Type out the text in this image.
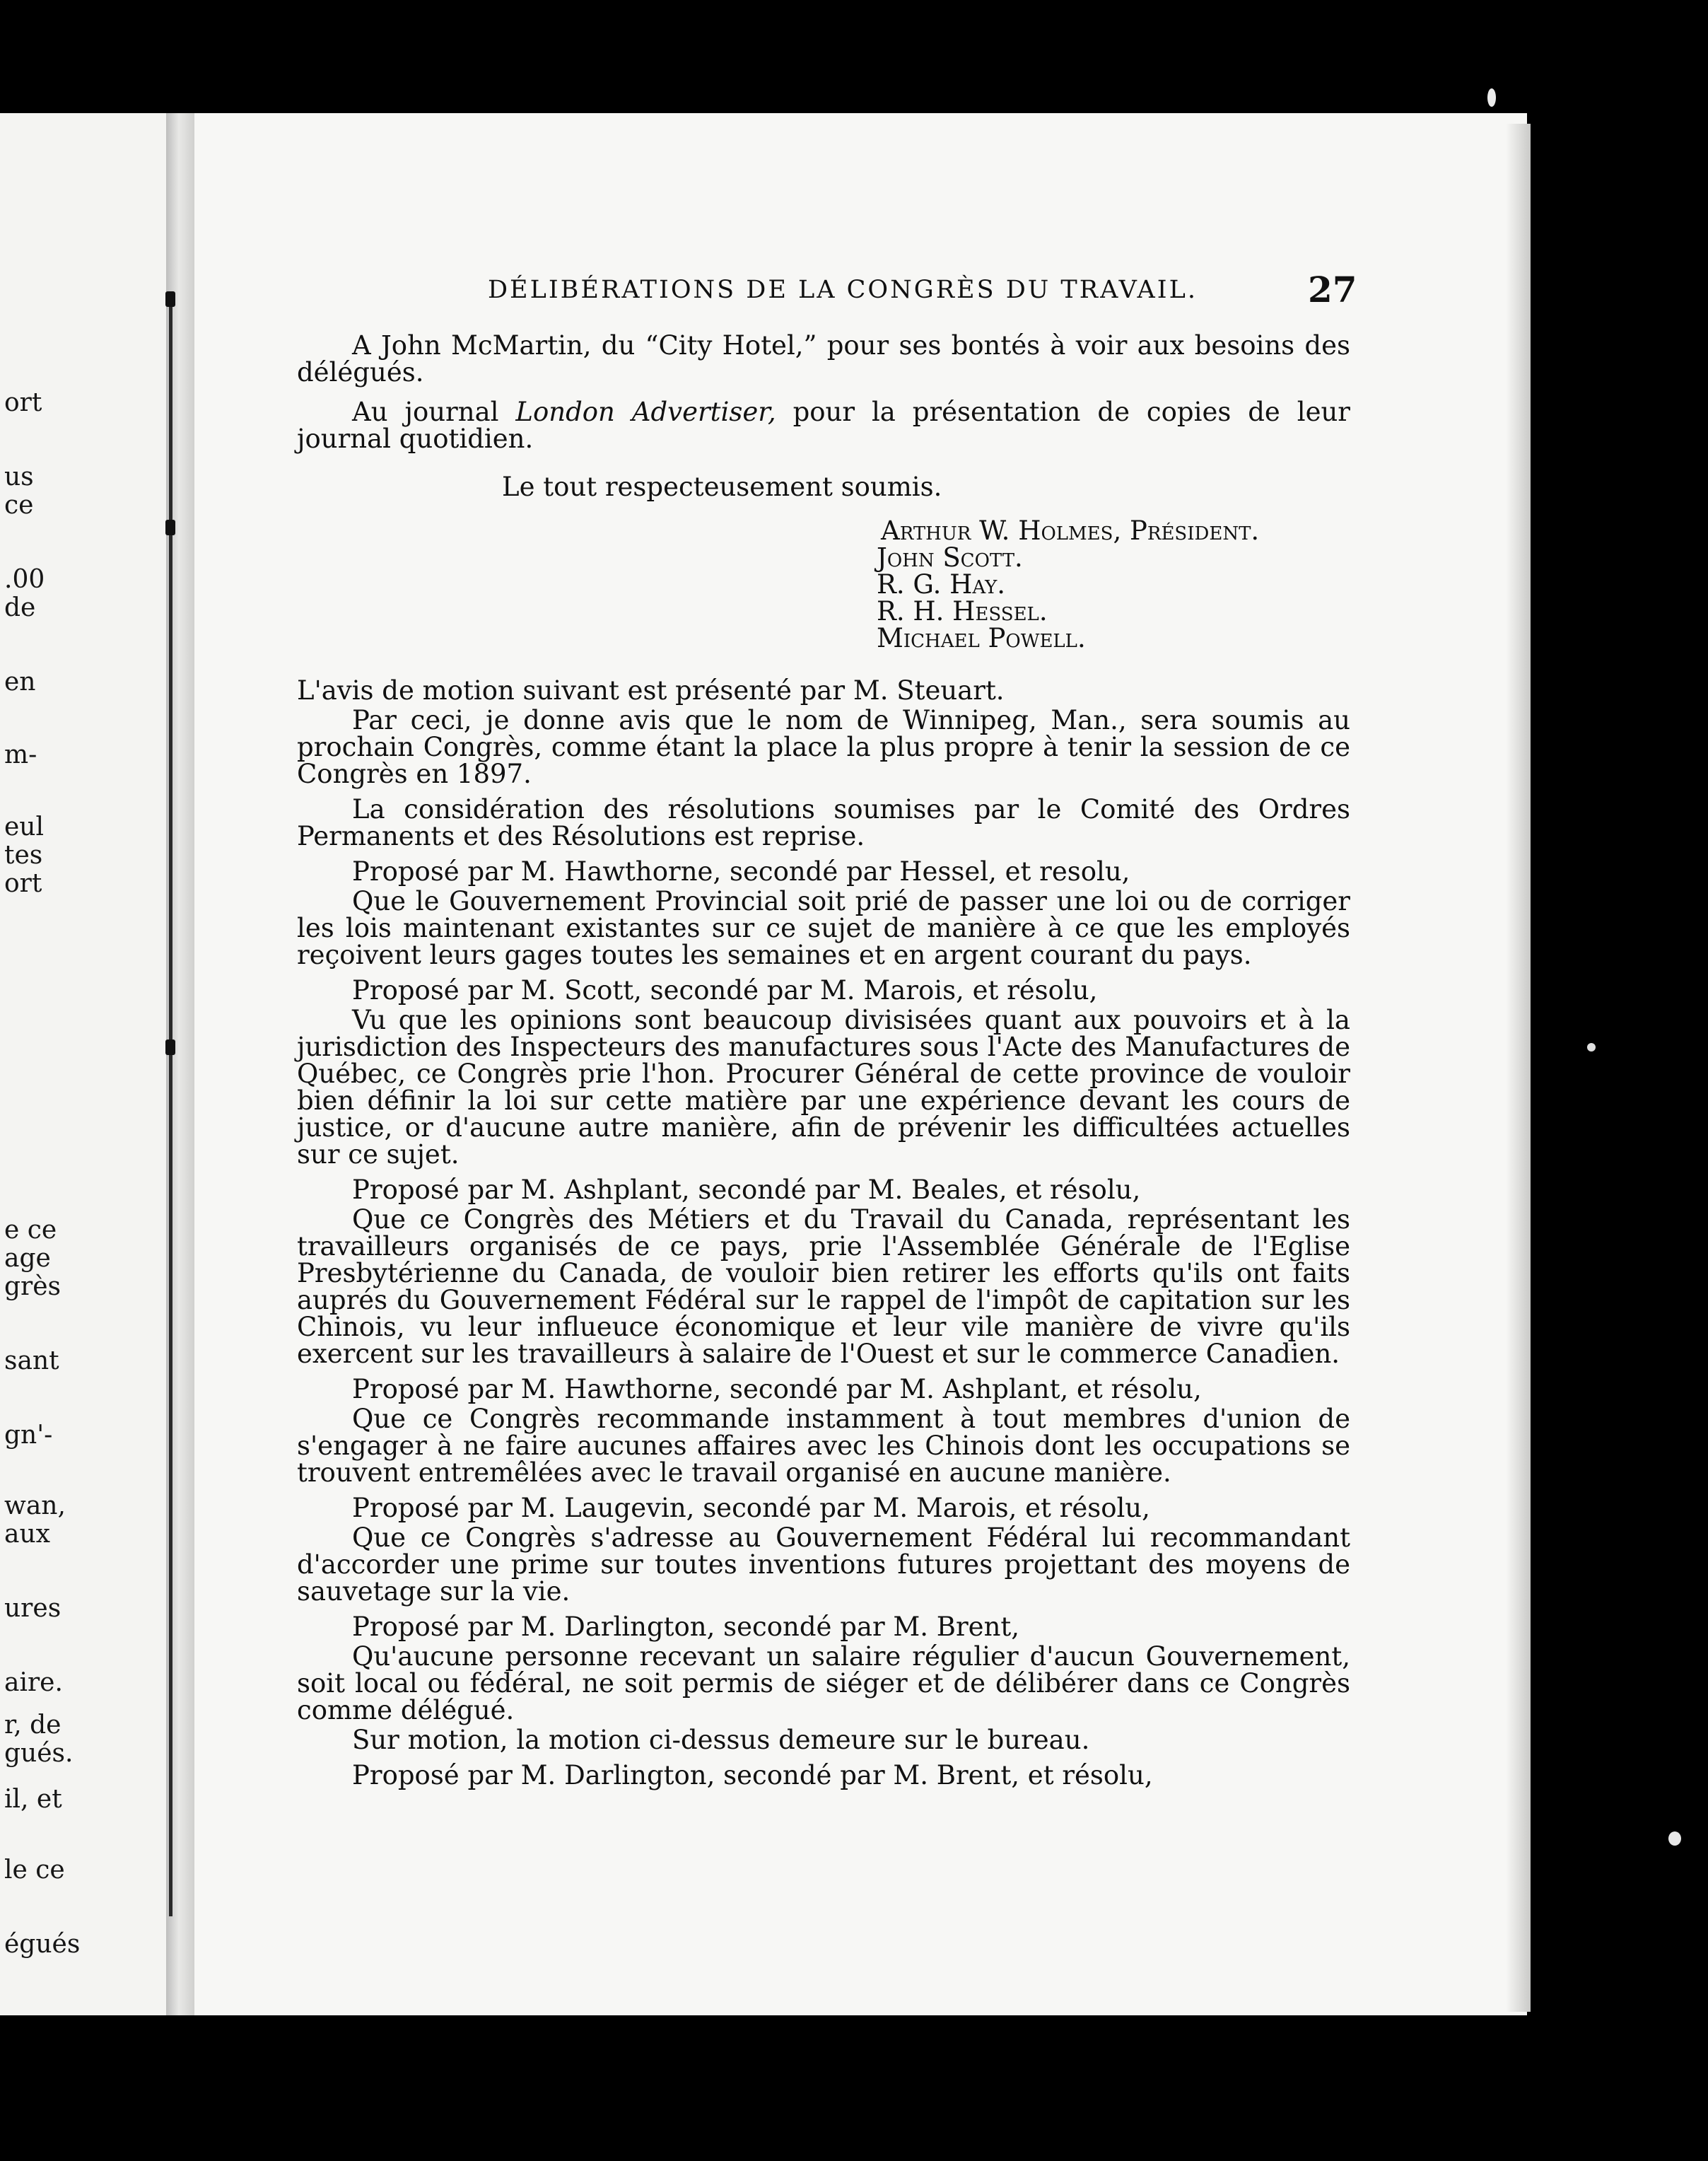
ort
us
ce
.00
de
en
m-
eul
tes
ort
e ce
age
grès
sant
gn'-
wan,
aux
ures
aire.
r, de
gués.
il, et
le ce
égués
DÉLIBÉRATIONS DE LA CONGRÈS DU TRAVAIL.	27

A John McMartin, du “City Hotel,” pour ses bontés à voir aux besoins des délégués.

Au journal London Advertiser, pour la présentation de copies de leur journal quotidien.

Le tout respecteusement soumis.

Arthur W. Holmes, Président.
John Scott.
R. G. Hay.
R. H. Hessel.
Michael Powell.

L'avis de motion suivant est présenté par M. Steuart.

Par ceci, je donne avis que le nom de Winnipeg, Man., sera soumis au prochain Congrès, comme étant la place la plus propre à tenir la session de ce Congrès en 1897.

La considération des résolutions soumises par le Comité des Ordres Permanents et des Résolutions est reprise.

Proposé par M. Hawthorne, secondé par Hessel, et resolu,

Que le Gouvernement Provincial soit prié de passer une loi ou de corriger les lois maintenant existantes sur ce sujet de manière à ce que les employés reçoivent leurs gages toutes les semaines et en argent courant du pays.

Proposé par M. Scott, secondé par M. Marois, et résolu,

Vu que les opinions sont beaucoup divisisées quant aux pouvoirs et à la jurisdiction des Inspecteurs des manufactures sous l'Acte des Manufactures de Québec, ce Congrès prie l'hon. Procurer Général de cette province de vouloir bien définir la loi sur cette matière par une expérience devant les cours de justice, or d'aucune autre manière, afin de prévenir les difficultées actuelles sur ce sujet.

Proposé par M. Ashplant, secondé par M. Beales, et résolu,

Que ce Congrès des Métiers et du Travail du Canada, représentant les travailleurs organisés de ce pays, prie l'Assemblée Générale de l'Eglise Presbytérienne du Canada, de vouloir bien retirer les efforts qu'ils ont faits auprés du Gouvernement Fédéral sur le rappel de l'impôt de capitation sur les Chinois, vu leur influeuce économique et leur vile manière de vivre qu'ils exercent sur les travailleurs à salaire de l'Ouest et sur le commerce Canadien.

Proposé par M. Hawthorne, secondé par M. Ashplant, et résolu,

Que ce Congrès recommande instamment à tout membres d'union de s'engager à ne faire aucunes affaires avec les Chinois dont les occupations se trouvent entremêlées avec le travail organisé en aucune manière.

Proposé par M. Laugevin, secondé par M. Marois, et résolu,

Que ce Congrès s'adresse au Gouvernement Fédéral lui recommandant d'accorder une prime sur toutes inventions futures projettant des moyens de sauvetage sur la vie.

Proposé par M. Darlington, secondé par M. Brent,

Qu'aucune personne recevant un salaire régulier d'aucun Gouvernement, soit local ou fédéral, ne soit permis de siéger et de délibérer dans ce Congrès comme délégué.

Sur motion, la motion ci-dessus demeure sur le bureau.

Proposé par M. Darlington, secondé par M. Brent, et résolu,
